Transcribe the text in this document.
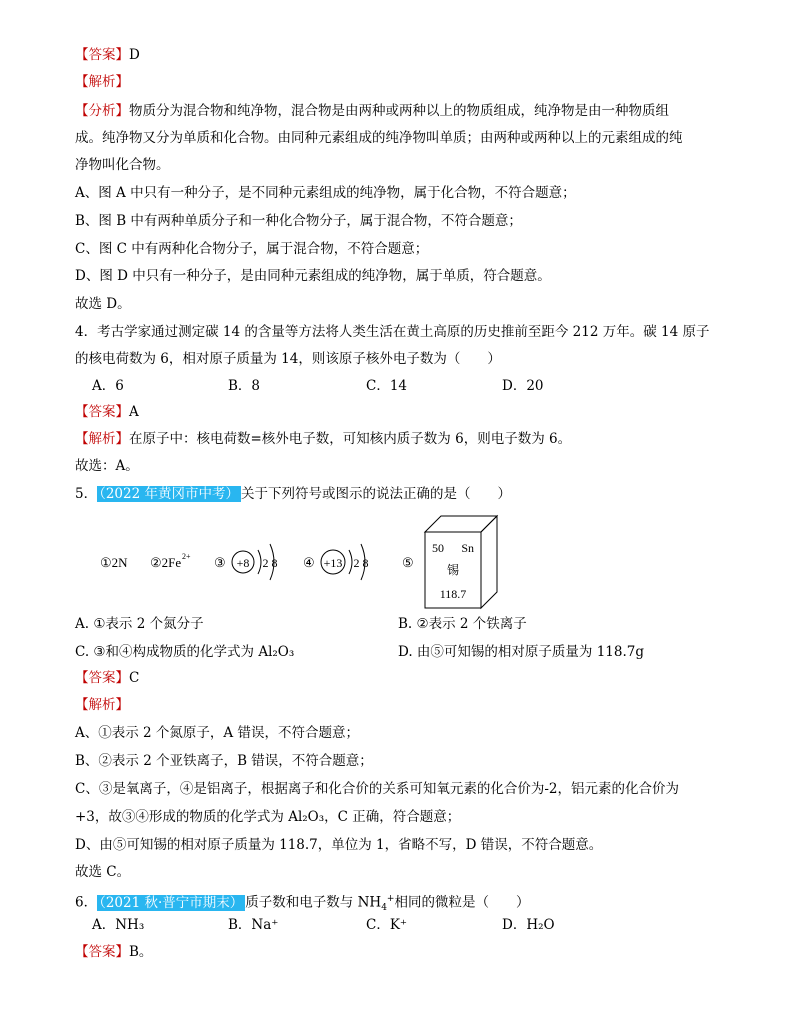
【答案】D
【解析】
【分析】物质分为混合物和纯净物，混合物是由两种或两种以上的物质组成，纯净物是由一种物质组
成。纯净物又分为单质和化合物。由同种元素组成的纯净物叫单质；由两种或两种以上的元素组成的纯
净物叫化合物。
A、图 A 中只有一种分子，是不同种元素组成的纯净物，属于化合物，不符合题意；
B、图 B 中有两种单质分子和一种化合物分子，属于混合物，不符合题意；
C、图 C 中有两种化合物分子，属于混合物，不符合题意；
D、图 D 中只有一种分子，是由同种元素组成的纯净物，属于单质，符合题意。
故选 D。
4．考古学家通过测定碳 14 的含量等方法将人类生活在黄土高原的历史推前至距今 212 万年。碳 14 原子
的核电荷数为 6，相对原子质量为 14，则该原子核外电子数为（　　）
A．6	B．8	C．14	D．20
【答案】A
【解析】在原子中：核电荷数=核外电子数，可知核内质子数为 6，则电子数为 6。
故选：A。
5． （2022 年黄冈市中考） 关于下列符号或图示的说法正确的是（　　）
①2N ②2Fe 2+ ③	④	⑤
+8 2 8	+13 2 8
50 Sn
锡
118.7
A. ①表示 2 个氮分子	B. ②表示 2 个铁离子
C. ③和④构成物质的化学式为 Al₂O₃	D. 由⑤可知锡的相对原子质量为 118.7g
【答案】C
【解析】
A、①表示 2 个氮原子，A 错误，不符合题意；
B、②表示 2 个亚铁离子，B 错误，不符合题意；
C、③是氧离子，④是铝离子，根据离子和化合价的关系可知氧元素的化合价为-2，铝元素的化合价为
+3，故③④形成的物质的化学式为 Al₂O₃，C 正确，符合题意；
D、由⑤可知锡的相对原子质量为 118.7，单位为 1，省略不写，D 错误，不符合题意。
故选 C。
6． （2021 秋·普宁市期末） 质子数和电子数与 $NH_4^+$相同的微粒是（　　）
A．NH₃	B．Na⁺	C．K⁺	D．H₂O
【答案】B。
